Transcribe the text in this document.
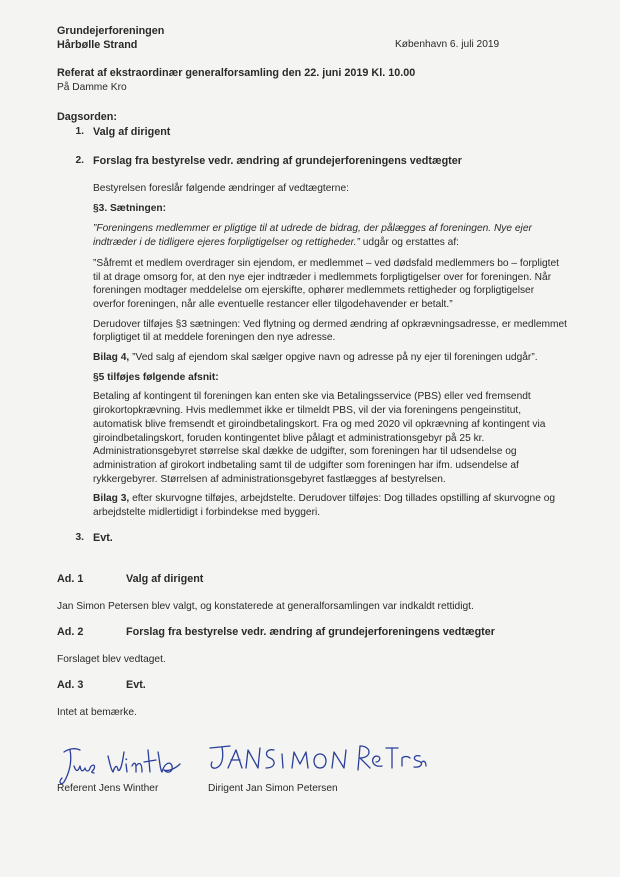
Grundejerforeningen
Hårbølle Strand	København 6. juli 2019
Referat af ekstraordinær generalforsamling den 22. juni 2019 Kl. 10.00
På Damme Kro
Dagsorden:
1. Valg af dirigent
2. Forslag fra bestyrelse vedr. ændring af grundejerforeningens vedtægter

Bestyrelsen foreslår følgende ændringer af vedtægterne:

§3. Sætningen:

”Foreningens medlemmer er pligtige til at udrede de bidrag, der pålægges af foreningen. Nye ejer indtræder i de tidligere ejeres forpligtigelser og rettigheder.” udgår og erstattes af:

”Såfremt et medlem overdrager sin ejendom, er medlemmet – ved dødsfald medlemmers bo – forpligtet til at drage omsorg for, at den nye ejer indtræder i medlemmets forpligtigelser over for foreningen. Når foreningen modtager meddelelse om ejerskifte, ophører medlemmets rettigheder og forpligtigelser overfor foreningen, når alle eventuelle restancer eller tilgodehavender er betalt.”

Derudover tilføjes §3 sætningen: Ved flytning og dermed ændring af opkrævningsadresse, er medlemmet forpligtiget til at meddele foreningen den nye adresse.

Bilag 4, ”Ved salg af ejendom skal sælger opgive navn og adresse på ny ejer til foreningen udgår”.

§5 tilføjes følgende afsnit:

Betaling af kontingent til foreningen kan enten ske via Betalingsservice (PBS) eller ved fremsendt girokortopkrævning. Hvis medlemmet ikke er tilmeldt PBS, vil der via foreningens pengeinstitut, automatisk blive fremsendt et giroindbetalingskort. Fra og med 2020 vil opkrævning af kontingent via giroindbetalingskort, foruden kontingentet blive pålagt et administrationsgebyr på 25 kr. Administrationsgebyret størrelse skal dække de udgifter, som foreningen har til udsendelse og administration af girokort indbetaling samt til de udgifter som foreningen har ifm. udsendelse af rykkergebyrer. Størrelsen af administrationsgebyret fastlægges af bestyrelsen.

Bilag 3, efter skurvogne tilføjes, arbejdstelte. Derudover tilføjes: Dog tillades opstilling af skurvogne og arbejdstelte midlertidigt i forbindekse med byggeri.

3. Evt.
Ad. 1	Valg af dirigent
Jan Simon Petersen blev valgt, og konstaterede at generalforsamlingen var indkaldt rettidigt.
Ad. 2	Forslag fra bestyrelse vedr. ændring af grundejerforeningens vedtægter
Forslaget blev vedtaget.
Ad. 3	Evt.
Intet at bemærke.
Referent Jens Winther	Dirigent Jan Simon Petersen
